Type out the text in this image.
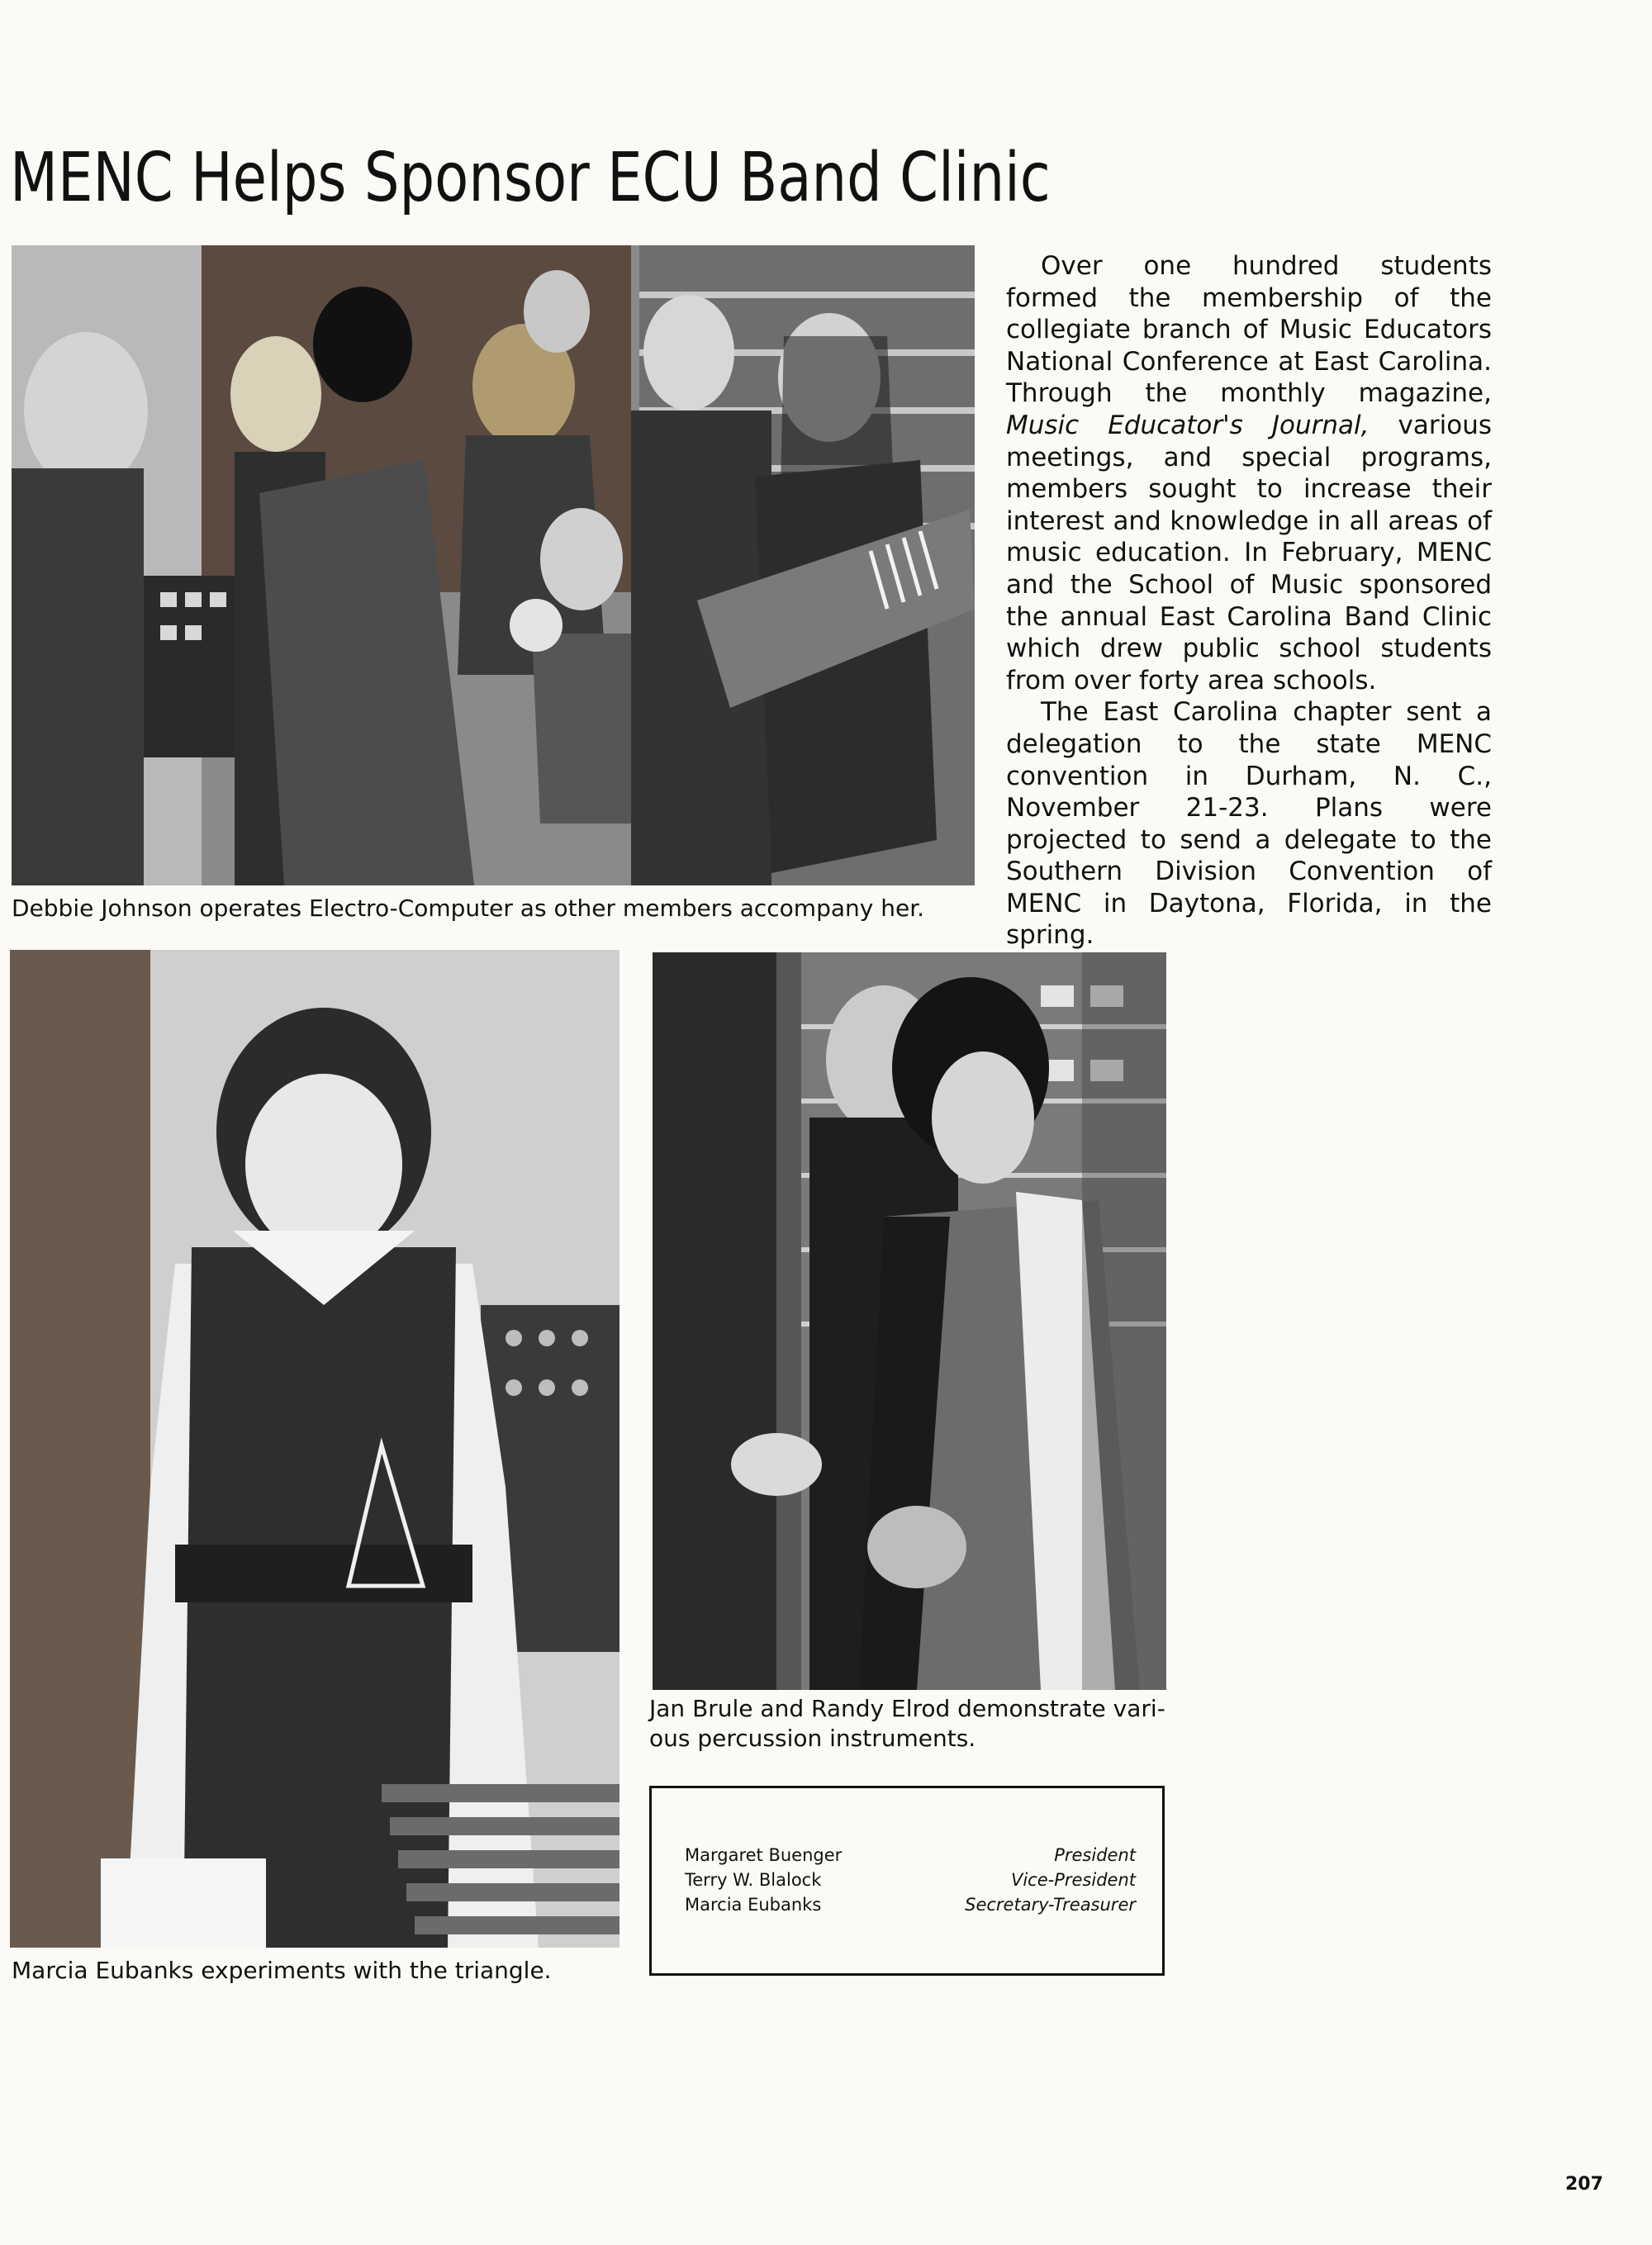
MENC Helps Sponsor ECU Band Clinic
Debbie Johnson operates Electro-Computer as other members accompany her.

Over one hundred students formed the membership of the collegiate branch of Music Educators National Conference at East Carolina. Through the monthly magazine, Music Educator's Journal, various meetings, and special programs, members sought to increase their interest and knowledge in all areas of music education. In February, MENC and the School of Music sponsored the annual East Carolina Band Clinic which drew public school students from over forty area schools.

The East Carolina chapter sent a delegation to the state MENC convention in Durham, N. C., November 21-23. Plans were projected to send a delegate to the Southern Division Convention of MENC in Daytona, Florida, in the spring.

Marcia Eubanks experiments with the triangle.
Jan Brule and Randy Elrod demonstrate vari-
ous percussion instruments.
Margaret Buenger	President
Terry W. Blalock	Vice-President
Marcia Eubanks	Secretary-Treasurer
207
